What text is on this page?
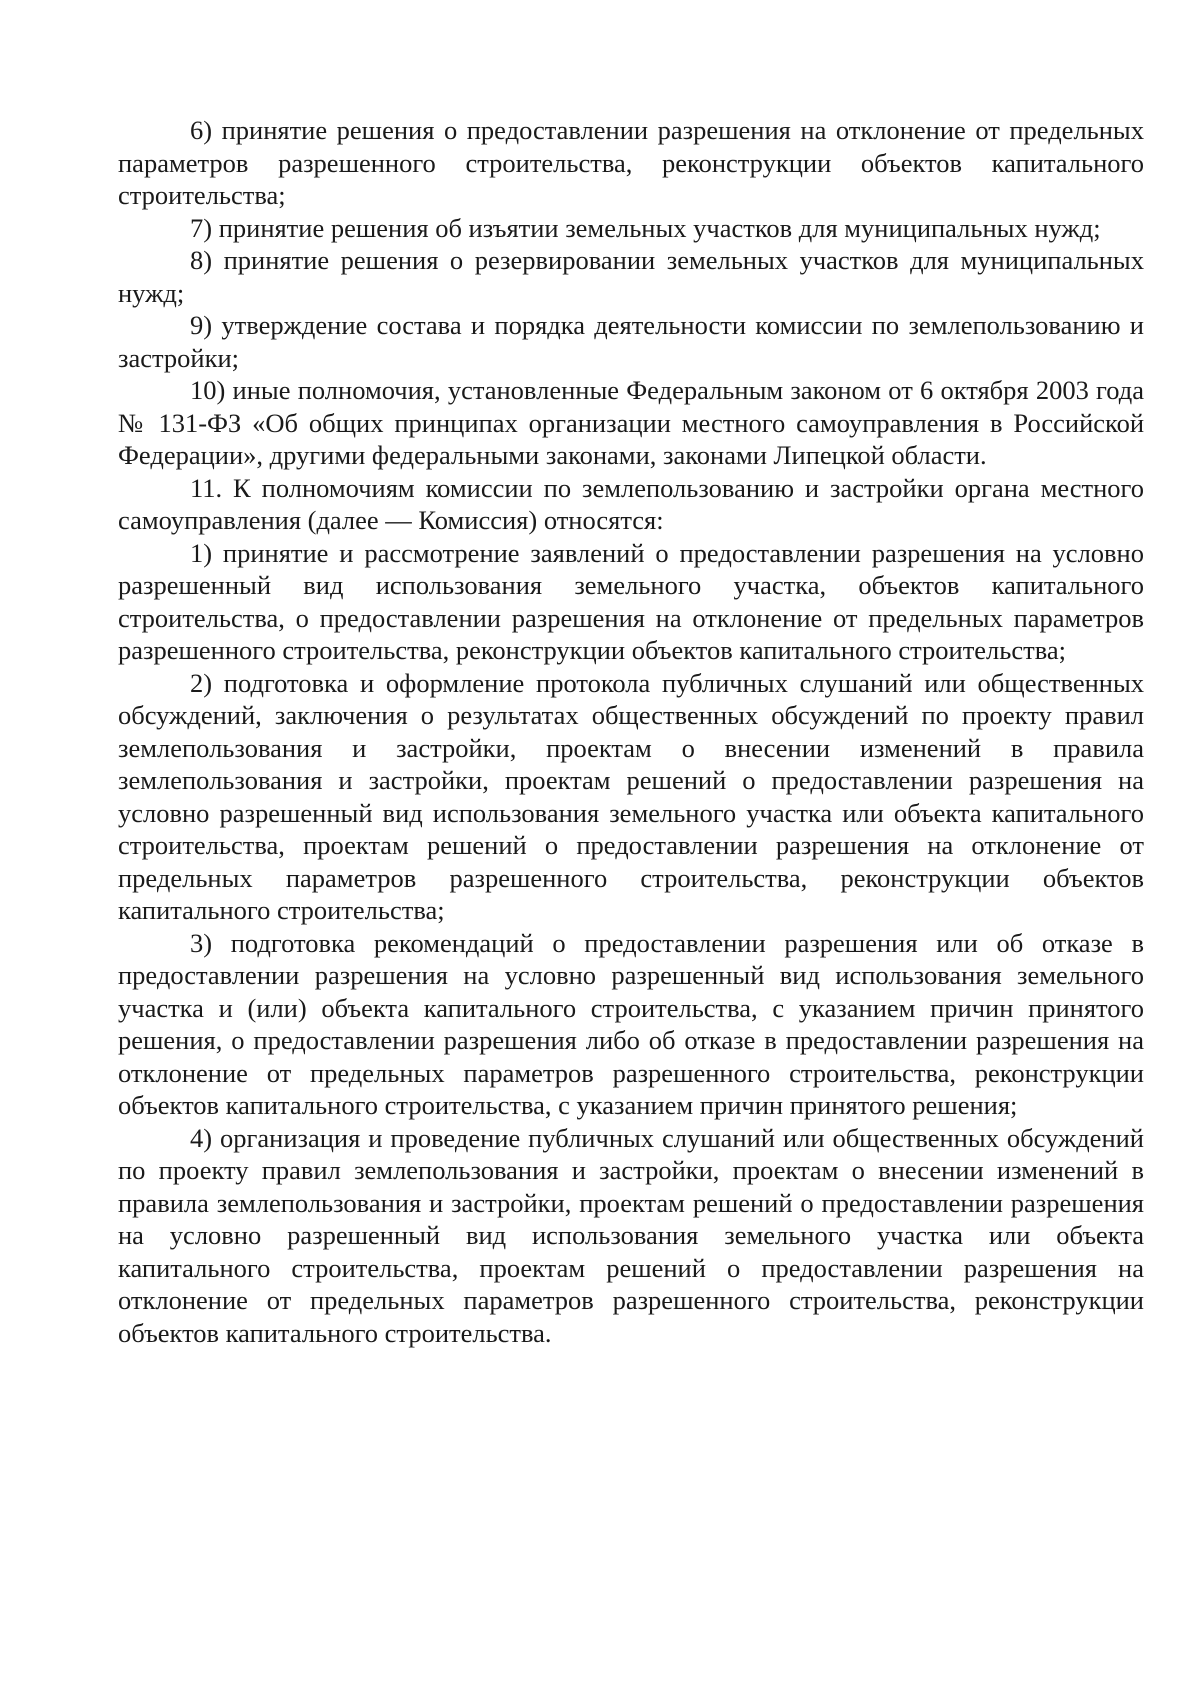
6) принятие решения о предоставлении разрешения на отклонение от предельных параметров разрешенного строительства, реконструкции объектов капитального строительства;

7) принятие решения об изъятии земельных участков для муниципальных нужд;

8) принятие решения о резервировании земельных участков для муниципальных нужд;

9) утверждение состава и порядка деятельности комиссии по землепользованию и застройки;

10) иные полномочия, установленные Федеральным законом от 6 октября 2003 года № 131-ФЗ «Об общих принципах организации местного самоуправления в Российской Федерации», другими федеральными законами, законами Липецкой области.

11. К полномочиям комиссии по землепользованию и застройки органа местного самоуправления (далее — Комиссия) относятся:

1) принятие и рассмотрение заявлений о предоставлении разрешения на условно разрешенный вид использования земельного участка, объектов капитального строительства, о предоставлении разрешения на отклонение от предельных параметров разрешенного строительства, реконструкции объектов капитального строительства;

2) подготовка и оформление протокола публичных слушаний или общественных обсуждений, заключения о результатах общественных обсуждений по проекту правил землепользования и застройки, проектам о внесении изменений в правила землепользования и застройки, проектам решений о предоставлении разрешения на условно разрешенный вид использования земельного участка или объекта капитального строительства, проектам решений о предоставлении разрешения на отклонение от предельных параметров разрешенного строительства, реконструкции объектов капитального строительства;

3) подготовка рекомендаций о предоставлении разрешения или об отказе в предоставлении разрешения на условно разрешенный вид использования земельного участка и (или) объекта капитального строительства, с указанием причин принятого решения, о предоставлении разрешения либо об отказе в предоставлении разрешения на отклонение от предельных параметров разрешенного строительства, реконструкции объектов капитального строительства, с указанием причин принятого решения;

4) организация и проведение публичных слушаний или общественных обсуждений по проекту правил землепользования и застройки, проектам о внесении изменений в правила землепользования и застройки, проектам решений о предоставлении разрешения на условно разрешенный вид использования земельного участка или объекта капитального строительства, проектам решений о предоставлении разрешения на отклонение от предельных параметров разрешенного строительства, реконструкции объектов капитального строительства.
